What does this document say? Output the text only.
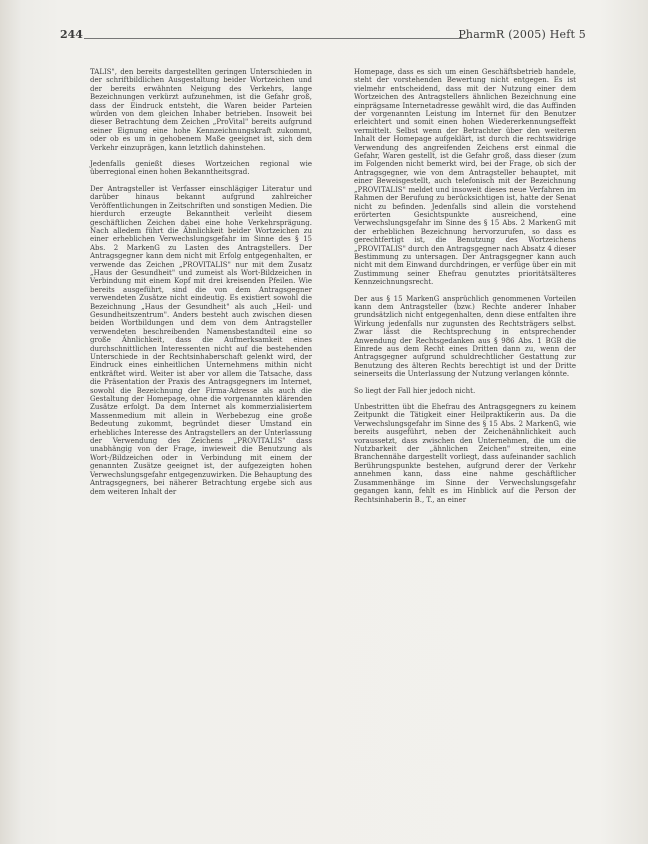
244	PharmR (2005) Heft 5

TALIS", den bereits dargestellten geringen Unterschieden in der schriftbildlichen Ausgestaltung beider Wortzeichen und der bereits erwähnten Neigung des Verkehrs, lange Bezeichnungen verkürzt aufzunehmen, ist die Gefahr groß, dass der Eindruck entsteht, die Waren beider Parteien würden von dem gleichen Inhaber betrieben. Insoweit bei dieser Betrachtung dem Zeichen „ProVital" bereits aufgrund seiner Eignung eine hohe Kennzeichnungskraft zukommt, oder ob es um in gehobenem Maße geeignet ist, sich dem Verkehr einzuprägen, kann letztlich dahinstehen.

Jedenfalls genießt dieses Wortzeichen regional wie überregional einen hohen Bekanntheitsgrad.

Der Antragsteller ist Verfasser einschlägiger Literatur und darüber hinaus bekannt aufgrund zahlreicher Veröffentlichungen in Zeitschriften und sonstigen Medien. Die hierdurch erzeugte Bekanntheit verleiht diesem geschäftlichen Zeichen dabei eine hohe Verkehrsprägung. Nach alledem führt die Ähnlichkeit beider Wortzeichen zu einer erheblichen Verwechslungsgefahr im Sinne des § 15 Abs. 2 MarkenG zu Lasten des Antragstellers. Der Antragsgegner kann dem nicht mit Erfolg entgegenhalten, er verwende das Zeichen „PROVITALIS" nur mit dem Zusatz „Haus der Gesundheit" und zumeist als Wort-Bildzeichen in Verbindung mit einem Kopf mit drei kreisenden Pfeilen. Wie bereits ausgeführt, sind die von dem Antragsgegner verwendeten Zusätze nicht eindeutig. Es existiert sowohl die Bezeichnung „Haus der Gesundheit" als auch „Heil- und Gesundheitszentrum". Anders besteht auch zwischen diesen beiden Wortbildungen und dem von dem Antragsteller verwendeten beschreibenden Namensbestandteil eine so große Ähnlichkeit, dass die Aufmerksamkeit eines durchschnittlichen Interessenten nicht auf die bestehenden Unterschiede in der Rechtsinhaberschaft gelenkt wird, der Eindruck eines einheitlichen Unternehmens mithin nicht entkräftet wird. Weiter ist aber vor allem die Tatsache, dass die Präsentation der Praxis des Antragsgegners im Internet, sowohl die Bezeichnung der Firma-Adresse als auch die Gestaltung der Homepage, ohne die vorgenannten klärenden Zusätze erfolgt. Da dem Internet als kommerzialisiertem Massenmedium mit allein in Werbebezug eine große Bedeutung zukommt, begründet dieser Umstand ein erhebliches Interesse des Antragstellers an der Unterlassung der Verwendung des Zeichens „PROVITALIS" dass unabhängig von der Frage, inwieweit die Benutzung als Wort-/Bildzeichen oder in Verbindung mit einem der genannten Zusätze geeignet ist, der aufgezeigten hohen Verwechslungsgefahr entgegenzuwirken. Die Behauptung des Antragsgegners, bei näherer Betrachtung ergebe sich aus dem weiteren Inhalt der

Homepage, dass es sich um einen Geschäftsbetrieb handele, steht der vorstehenden Bewertung nicht entgegen. Es ist vielmehr entscheidend, dass mit der Nutzung einer dem Wortzeichen des Antragstellers ähnlichen Bezeichnung eine einprägsame Internetadresse gewählt wird, die das Auffinden der vorgenannten Leistung im Internet für den Benutzer erleichtert und somit einen hohen Wiedererkennungseffekt vermittelt. Selbst wenn der Betrachter über den weiteren Inhalt der Homepage aufgeklärt, ist durch die rechtswidrige Verwendung des angreifenden Zeichens erst einmal die Gefahr, Waren gestellt, ist die Gefahr groß, dass dieser (zum im Folgenden nicht bemerkt wird, bei der Frage, ob sich der Antragsgegner, wie von dem Antragsteller behauptet, mit einer Beweisgestellt, auch telefonisch mit der Bezeichnung „PROVITALIS" meldet und insoweit dieses neue Verfahren im Rahmen der Berufung zu berücksichtigen ist, hatte der Senat nicht zu befinden. Jedenfalls sind allein die vorstehend erörterten Gesichtspunkte ausreichend, eine Verwechslungsgefahr im Sinne des § 15 Abs. 2 MarkenG mit der erheblichen Bezeichnung hervorzurufen, so dass es gerechtfertigt ist, die Benutzung des Wortzeichens „PROVITALIS" durch den Antragsgegner nach Absatz 4 dieser Bestimmung zu untersagen. Der Antragsgegner kann auch nicht mit dem Einwand durchdringen, er verfüge über ein mit Zustimmung seiner Ehefrau genutztes prioritätsälteres Kennzeichnungsrecht.

Der aus § 15 MarkenG ansprüchlich genommenen Vorteilen kann dem Antragsteller (bzw.) Rechte anderer Inhaber grundsätzlich nicht entgegenhalten, denn diese entfalten ihre Wirkung jedenfalls nur zugunsten des Rechtsträgers selbst. Zwar lässt die Rechtsprechung in entsprechender Anwendung der Rechtsgedanken aus § 986 Abs. 1 BGB die Einrede aus dem Recht eines Dritten dann zu, wenn der Antragsgegner aufgrund schuldrechtlicher Gestattung zur Benutzung des älteren Rechts berechtigt ist und der Dritte seinerseits die Unterlassung der Nutzung verlangen könnte.

So liegt der Fall hier jedoch nicht.

Unbestritten übt die Ehefrau des Antragsgegners zu keinem Zeitpunkt die Tätigkeit einer Heilpraktikerin aus. Da die Verwechslungsgefahr im Sinne des § 15 Abs. 2 MarkenG, wie bereits ausgeführt, neben der Zeichenähnlichkeit auch voraussetzt, dass zwischen den Unternehmen, die um die Nutzbarkeit der „ähnlichen Zeichen" streiten, eine Branchennähe dargestellt vorliegt, dass aufeinander sachlich Berührungspunkte bestehen, aufgrund derer der Verkehr annehmen kann, dass eine nahme geschäftlicher Zusammenhänge im Sinne der Verwechslungsgefahr gegangen kann, fehlt es im Hinblick auf die Person der Rechtsinhaberin B., T., an einer
